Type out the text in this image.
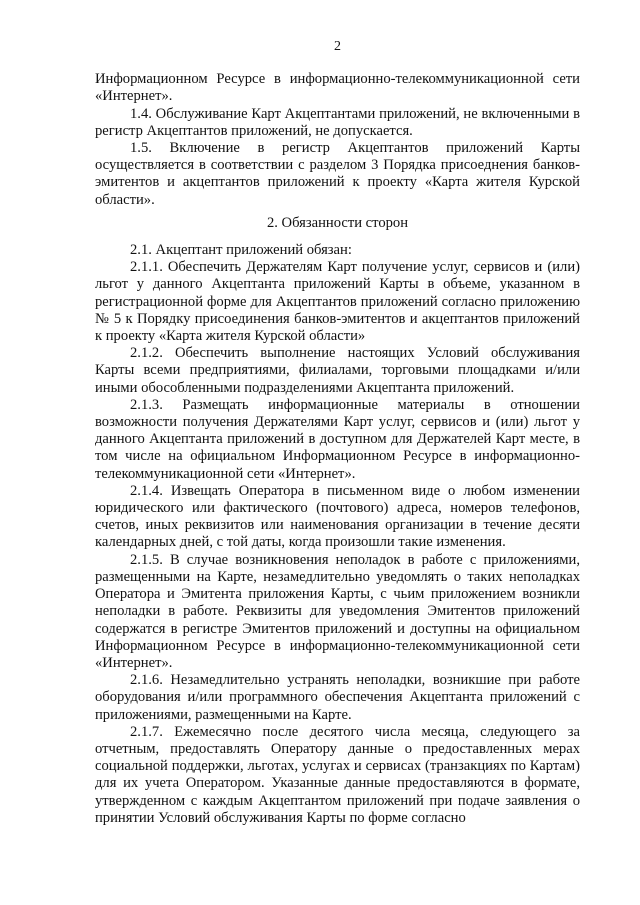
2

Информационном Ресурсе в информационно-телекоммуникационной сети «Интернет».

1.4. Обслуживание Карт Акцептантами приложений, не включенными в регистр Акцептантов приложений, не допускается.

1.5. Включение в регистр Акцептантов приложений Карты осуществляется в соответствии с разделом 3 Порядка присоеднения банков-эмитентов и акцептантов приложений к проекту «Карта жителя Курской области».

2. Обязанности сторон

2.1. Акцептант приложений обязан:

2.1.1. Обеспечить Держателям Карт получение услуг, сервисов и (или) льгот у данного Акцептанта приложений Карты в объеме, указанном в регистрационной форме для Акцептантов приложений согласно приложению № 5 к Порядку присоединения банков-эмитентов и акцептантов приложений к проекту «Карта жителя Курской области»

2.1.2. Обеспечить выполнение настоящих Условий обслуживания Карты всеми предприятиями, филиалами, торговыми площадками и/или иными обособленными подразделениями Акцептанта приложений.

2.1.3. Размещать информационные материалы в отношении возможности получения Держателями Карт услуг, сервисов и (или) льгот у данного Акцептанта приложений в доступном для Держателей Карт месте, в том числе на официальном Информационном Ресурсе в информационно-телекоммуникационной сети «Интернет».

2.1.4. Извещать Оператора в письменном виде о любом изменении юридического или фактического (почтового) адреса, номеров телефонов, счетов, иных реквизитов или наименования организации в течение десяти календарных дней, с той даты, когда произошли такие изменения.

2.1.5. В случае возникновения неполадок в работе с приложениями, размещенными на Карте, незамедлительно уведомлять о таких неполадках Оператора и Эмитента приложения Карты, с чьим приложением возникли неполадки в работе. Реквизиты для уведомления Эмитентов приложений содержатся в регистре Эмитентов приложений и доступны на официальном Информационном Ресурсе в информационно-телекоммуникационной сети «Интернет».

2.1.6. Незамедлительно устранять неполадки, возникшие при работе оборудования и/или программного обеспечения Акцептанта приложений с приложениями, размещенными на Карте.

2.1.7. Ежемесячно после десятого числа месяца, следующего за отчетным, предоставлять Оператору данные о предоставленных мерах социальной поддержки, льготах, услугах и сервисах (транзакциях по Картам) для их учета Оператором. Указанные данные предоставляются в формате, утвержденном с каждым Акцептантом приложений при подаче заявления о принятии Условий обслуживания Карты по форме согласно
